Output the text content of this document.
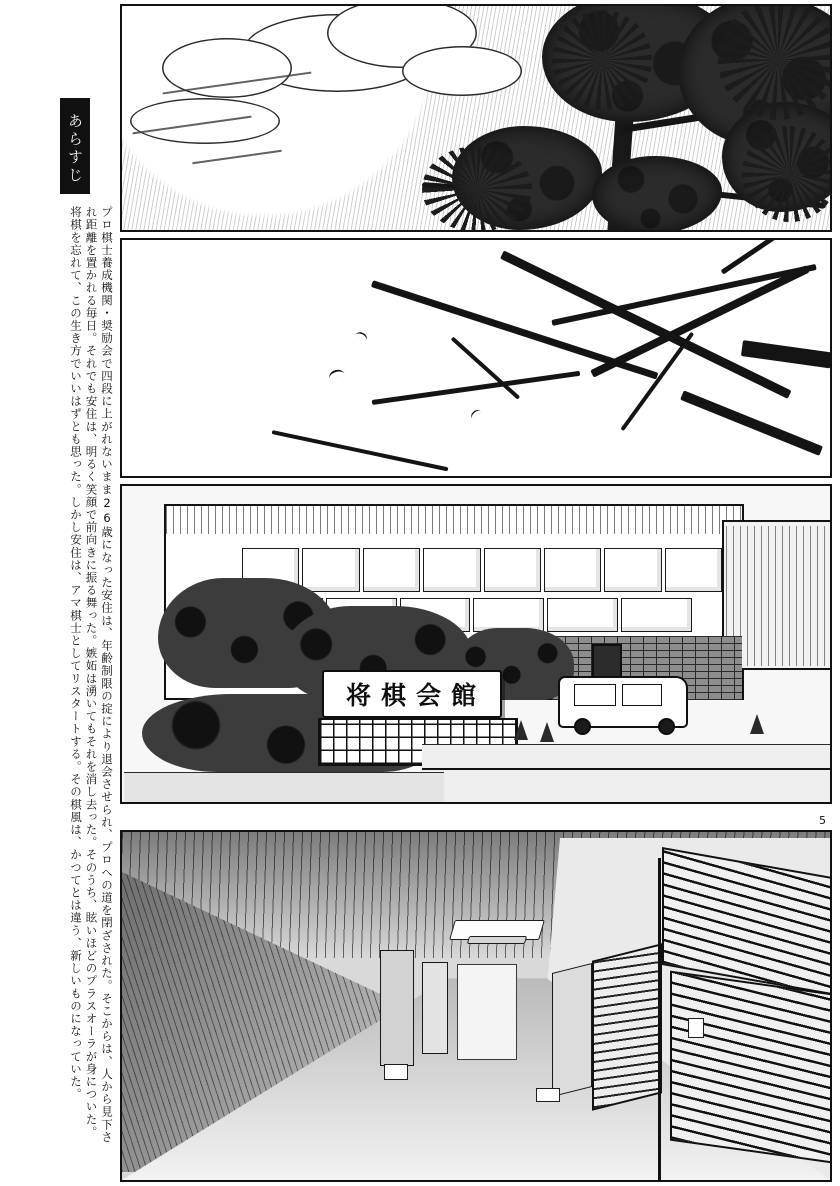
あらすじ
プロ棋士養成機関・奨励会で四段に上がれないまま26歳になった安住は、年齢制限の掟により退会させられ、プロへの道を閉ざされた。そこからは、人から見下され距離を置かれる毎日。それでも安住は、明るく笑顔で前向きに振る舞った。嫉妬は湧いてもそれを消し去った。そのうち、眩いほどのプラスオーラが身についた。将棋を忘れて、この生き方でいいはずとも思った。しかし安住は、アマ棋士としてリスタートする。その棋風は、かつてとは違う、新しいものになっていた。	5
将 棋 会 館
